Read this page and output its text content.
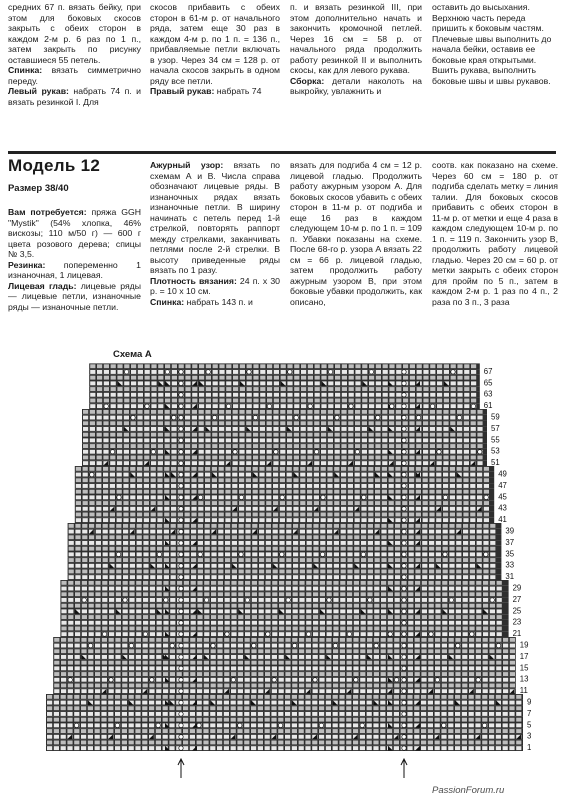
средних 67 п. вязать бейку, при этом для боковых скосов закрыть с обеих сторон в каждом 2-м р. 6 раз по 1 п., затем закрыть по рисунку оставшиеся 55 петель.

Спинка: вязать симметрично переду.

Левый рукав: набрать 74 п. и вязать резинкой I. Для

скосов прибавить с обеих сторон в 61-м р. от начального ряда, затем еще 30 раз в каждом 4-м р. по 1 п. = 136 п., прибавляемые петли включать в узор. Через 34 см = 128 р. от начала скосов закрыть в одном ряду все петли.

Правый рукав: набрать 74

п. и вязать резинкой III, при этом дополнительно начать и закончить кромочной петлей. Через 16 см = 58 р. от начального ряда продолжить работу резинкой II и выполнить скосы, как для левого рукава.

Сборка: детали наколоть на выкройку, увлажнить и

оставить до высыхания. Верхнюю часть переда пришить к боковым частям. Плечевые швы выполнить до начала бейки, оставив ее боковые края открытыми. Вшить рукава, выполнить боковые швы и швы рукавов.

Модель 12
Размер 38/40

Вам потребуется: пряжа GGH "Mystik" (54% хлопка, 46% вискозы; 110 м/50 г) — 600 г цвета розового дерева; спицы № 3,5.

Резинка: попеременно 1 изнаночная, 1 лицевая.

Лицевая гладь: лицевые ряды — лицевые петли, изнаночные ряды — изнаночные петли.

Ажурный узор: вязать по схемам А и В. Числа справа обозначают лицевые ряды. В изнаночных рядах вязать изнаночные петли. В ширину начинать с петель перед 1-й стрелкой, повторять раппорт между стрелками, заканчивать петлями после 2-й стрелки. В высоту приведенные ряды вязать по 1 разу.

Плотность вязания: 24 п. х 30 р. = 10 х 10 см.

Спинка: набрать 143 п. и

вязать для подгиба 4 см = 12 р. лицевой гладью. Продолжить работу ажурным узором А. Для боковых скосов убавить с обеих сторон в 11-м р. от подгиба и еще 16 раз в каждом следующем 10-м р. по 1 п. = 109 п. Убавки показаны на схеме. После 68-го р. узора А вязать 22 см = 66 р. лицевой гладью, затем продолжить работу ажурным узором В, при этом боковые убавки продолжить, как описано,

соотв. как показано на схеме. Через 60 см = 180 р. от подгиба сделать метку = линия талии. Для боковых скосов прибавить с обеих сторон в 11-м р. от метки и еще 4 раза в каждом следующем 10-м р. по 1 п. = 119 п. Закончить узор В, продолжить работу лицевой гладью. Через 20 см = 60 р. от метки закрыть с обеих сторон для пройм по 5 п., затем в каждом 2-м р. 1 раз по 4 п., 2 раза по 3 п., 3 раза

Схема А
67
65
63
61
59
57
55
53
51
49
47
45
43
41
39
37
35
33
31
29
27
25
23
21
19
17
15
13
11
9
7
5
3
1
PassionForum.ru
